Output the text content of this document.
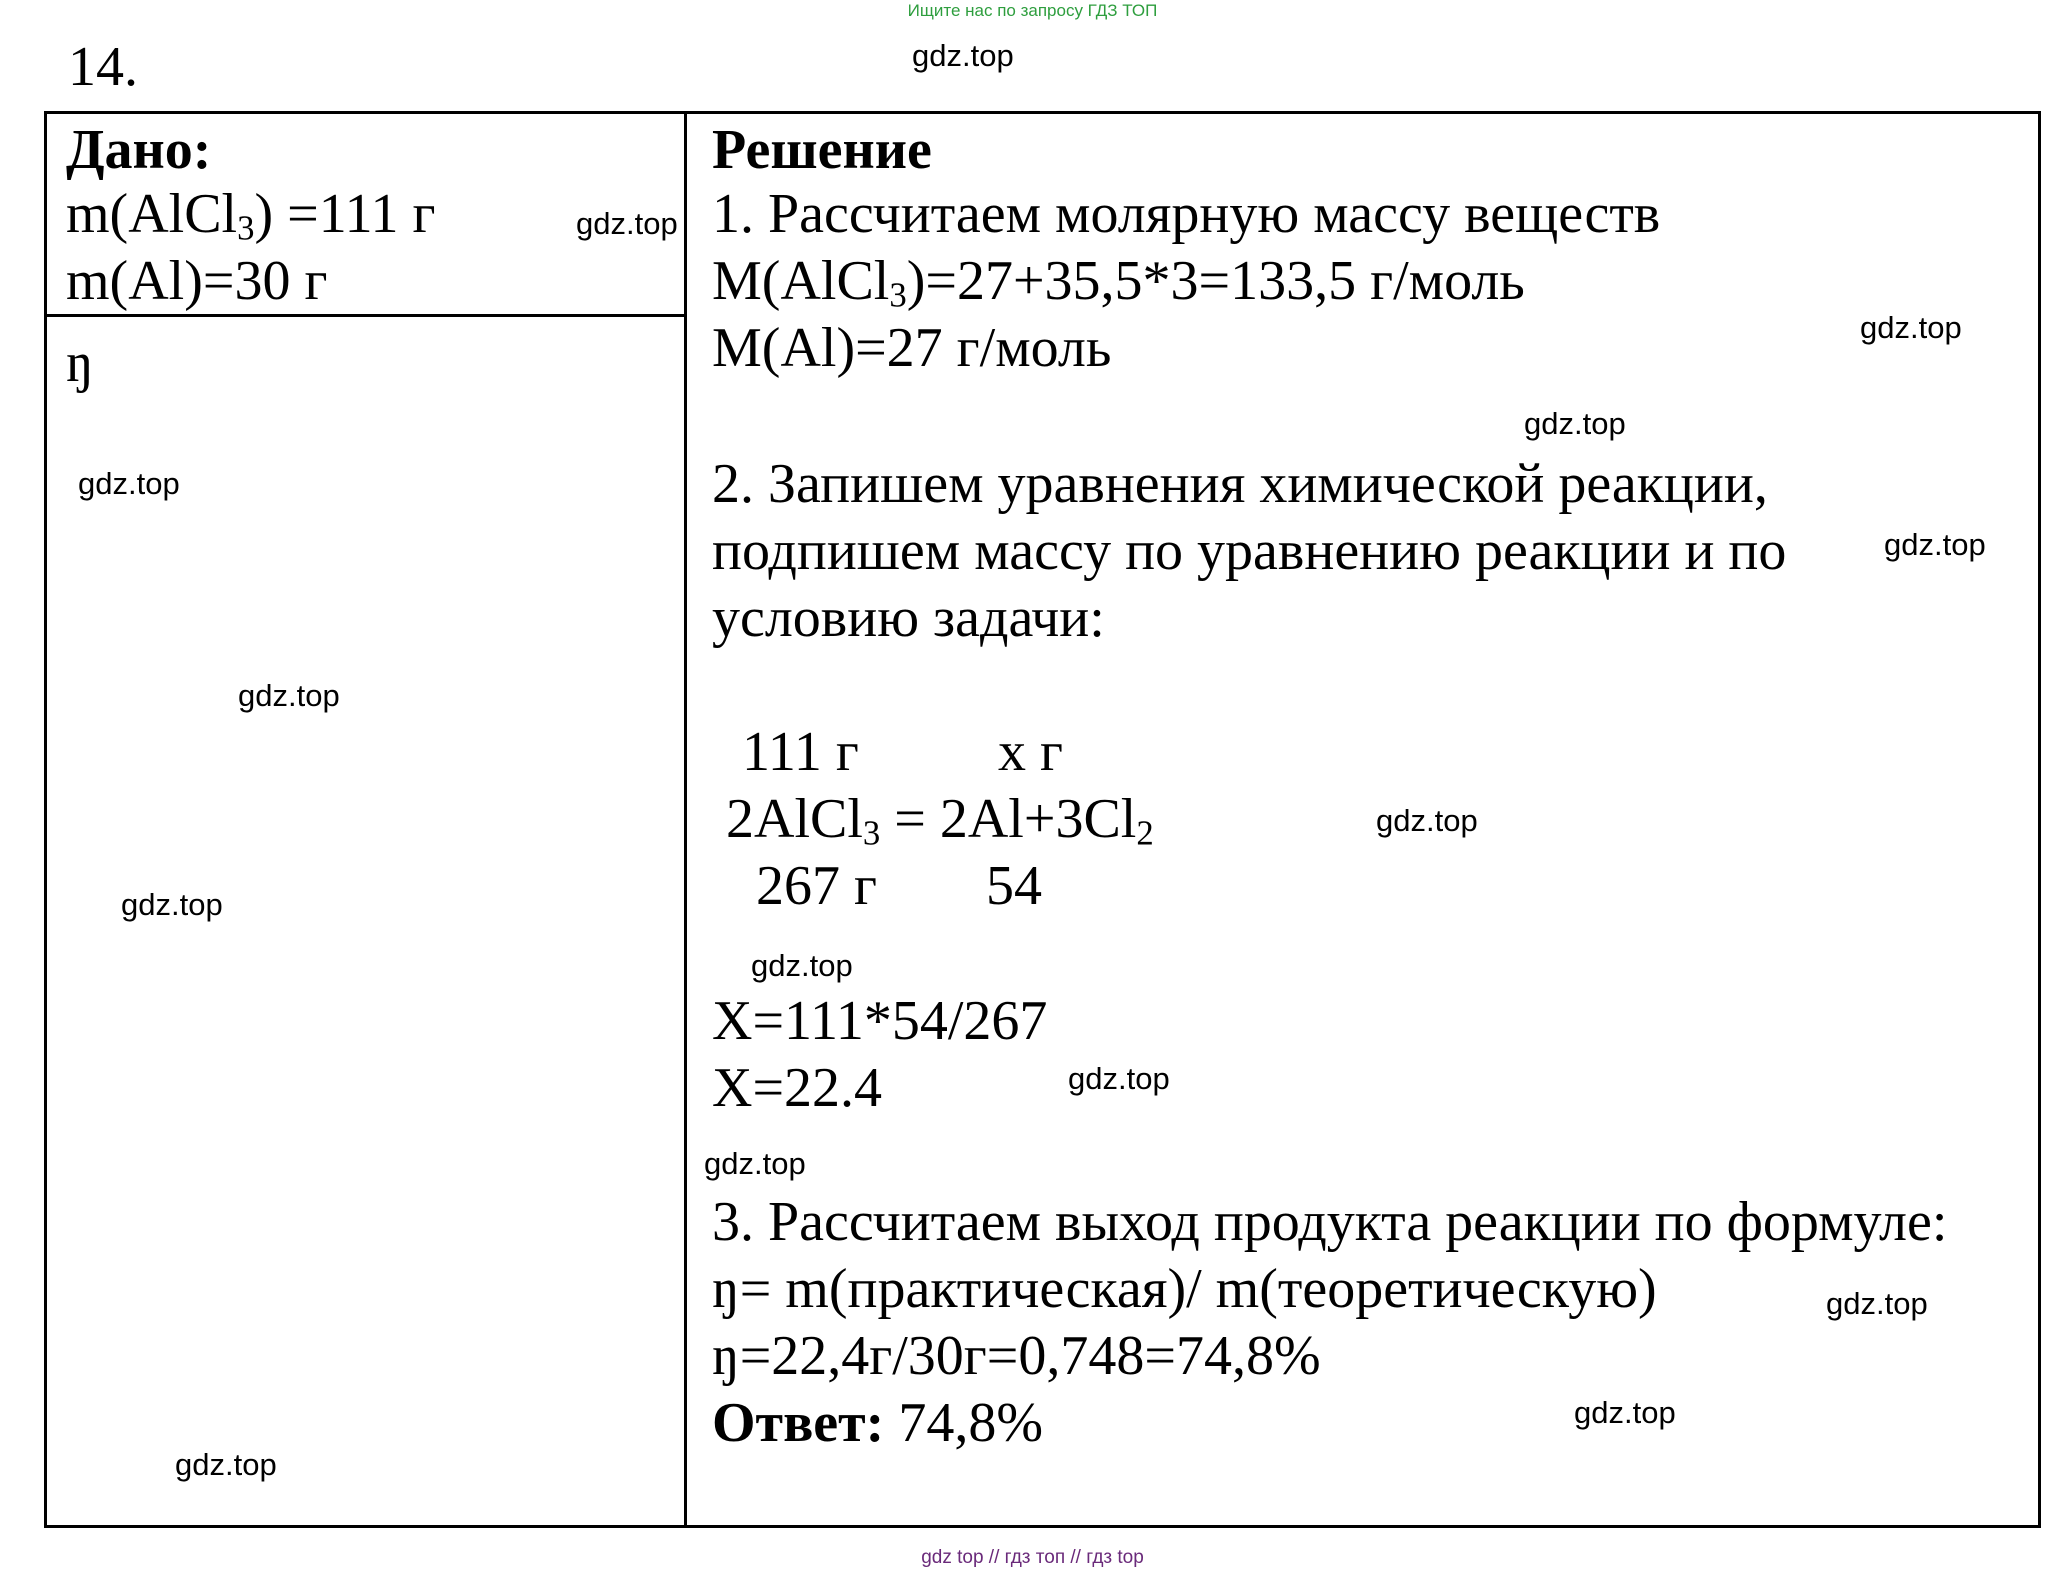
Ищите нас по запросу ГДЗ ТОП
14.	gdz.top
Дано:
m(AlCl$_3$) =111 г
m(Al)=30 г
ŋ
gdz.top
gdz.top
gdz.top
gdz.top
gdz.top
Решение
1. Рассчитаем молярную массу веществ
M(AlCl$_3$)=27+35,5*3=133,5 г/моль
M(Al)=27 г/моль
2. Запишем уравнения химической реакции,
подпишем массу по уравнению реакции и по
условию задачи:
111 г x г
2AlCl$_3$ = $2Al+3Cl_2$
267 г 54
X=111*54/267
X=22.4
3. Рассчитаем выход продукта реакции по формуле:
ŋ= m(практическая)/ m(теоретическую)
ŋ=22,4г/30г=0,748=74,8%
Ответ: 74,8%
gdz.top
gdz.top
gdz.top
gdz.top
gdz.top
gdz.top
gdz.top
gdz.top
gdz.top
gdz top // гдз топ // гдз top
